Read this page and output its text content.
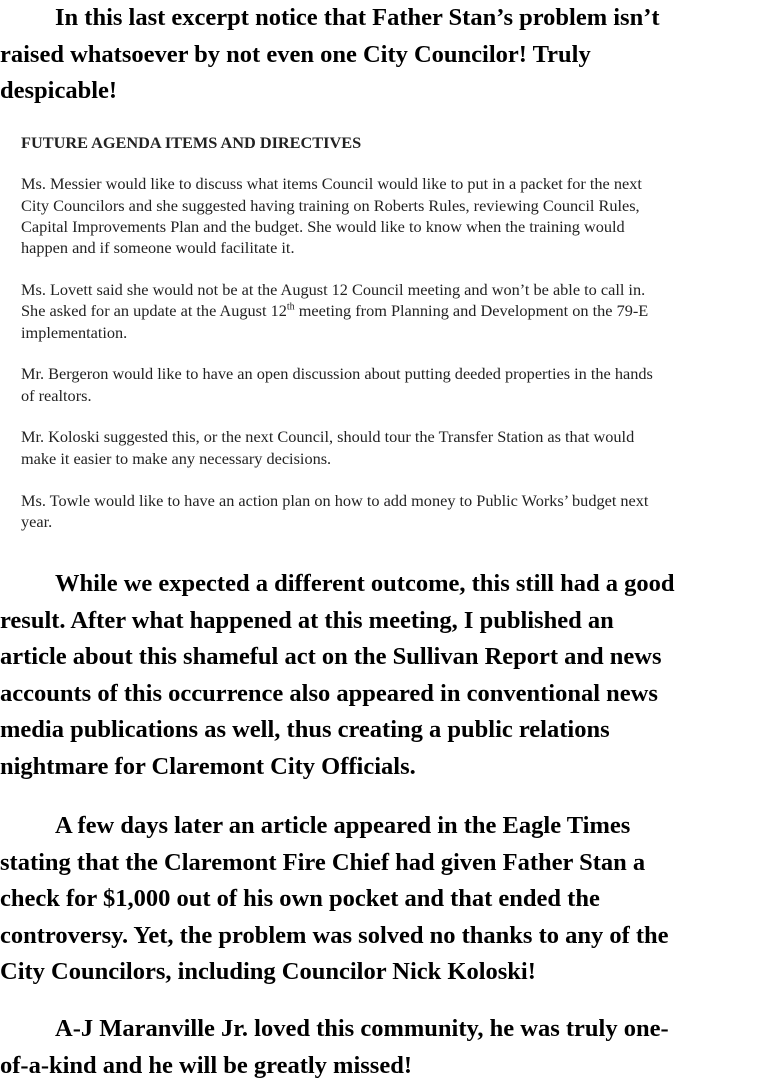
In this last excerpt notice that Father Stan’s problem isn’t
raised whatsoever by not even one City Councilor! Truly
despicable!
FUTURE AGENDA ITEMS AND DIRECTIVES

Ms. Messier would like to discuss what items Council would like to put in a packet for the next
City Councilors and she suggested having training on Roberts Rules, reviewing Council Rules,
Capital Improvements Plan and the budget. She would like to know when the training would
happen and if someone would facilitate it.

Ms. Lovett said she would not be at the August 12 Council meeting and won’t be able to call in.
She asked for an update at the August 12th meeting from Planning and Development on the 79-E
implementation.

Mr. Bergeron would like to have an open discussion about putting deeded properties in the hands
of realtors.

Mr. Koloski suggested this, or the next Council, should tour the Transfer Station as that would
make it easier to make any necessary decisions.

Ms. Towle would like to have an action plan on how to add money to Public Works’ budget next
year.

While we expected a different outcome, this still had a good
result. After what happened at this meeting, I published an
article about this shameful act on the Sullivan Report and news
accounts of this occurrence also appeared in conventional news
media publications as well, thus creating a public relations
nightmare for Claremont City Officials.
A few days later an article appeared in the Eagle Times
stating that the Claremont Fire Chief had given Father Stan a
check for $1,000 out of his own pocket and that ended the
controversy. Yet, the problem was solved no thanks to any of the
City Councilors, including Councilor Nick Koloski!
A-J Maranville Jr. loved this community, he was truly one-
of-a-kind and he will be greatly missed!
